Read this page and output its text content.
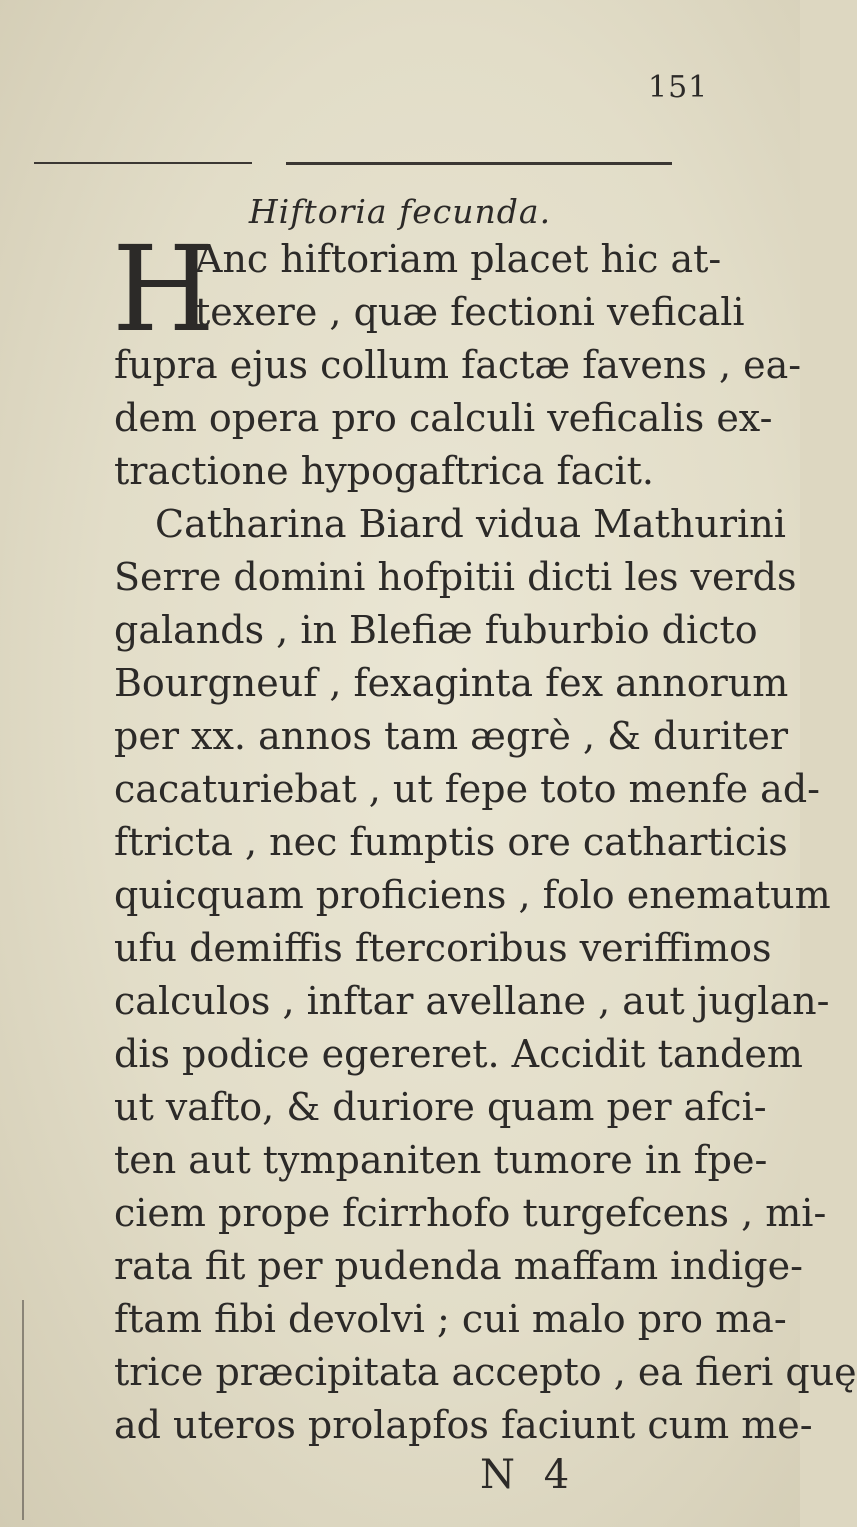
151
Hiftoria fecunda.
H
Anc hiftoriam placet hic at-
texere , quæ fectioni veficali
fupra ejus collum factæ favens , ea-
dem opera pro calculi veficalis ex-
tractione hypogaftrica facit.
Catharina Biard vidua Mathurini
Serre domini hofpitii dicti les verds
galands , in Blefiæ fuburbio dicto
Bourgneuf , fexaginta fex annorum
per xx. annos tam ægrè , & duriter
cacaturiebat , ut fepe toto menfe ad-
ftricta , nec fumptis ore catharticis
quicquam proficiens , folo enematum
ufu demiffis ftercoribus veriffimos
calculos , inftar avellane , aut juglan-
dis podice egereret. Accidit tandem
ut vafto, & duriore quam per afci-
ten aut tympaniten tumore in fpe-
ciem prope fcirrhofo turgefcens , mi-
rata fit per pudenda maffam indige-
ftam fibi devolvi ; cui malo pro ma-
trice præcipitata accepto , ea fieri quę
ad uteros prolapfos faciunt cum me-
N 4
